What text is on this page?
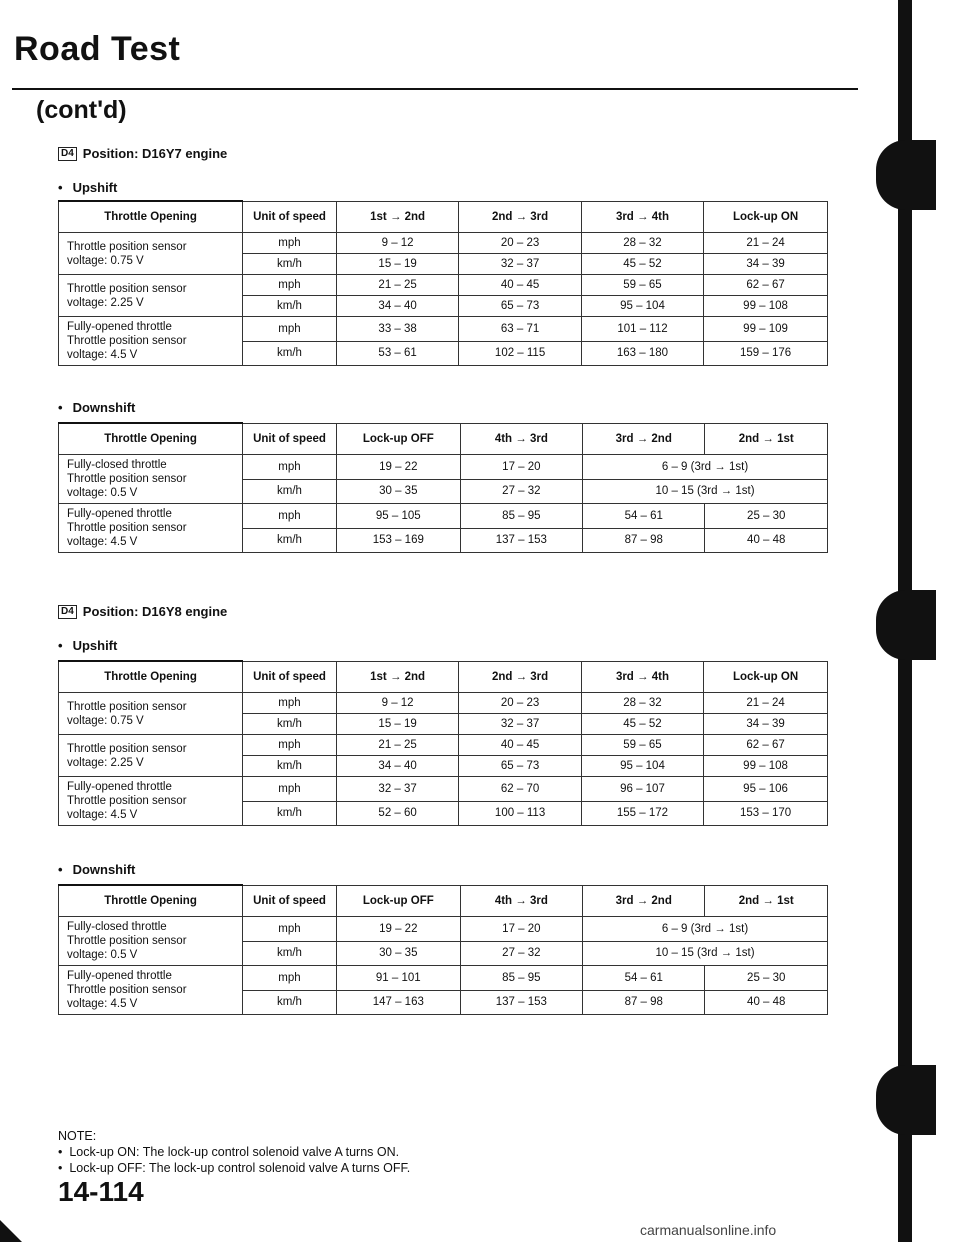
Road Test
(cont'd)
D4 Position: D16Y7 engine
• Upshift
Throttle Opening	Unit of speed	1st → 2nd	2nd → 3rd	3rd → 4th	Lock-up ON

Throttle position sensor
voltage: 0.75 V	mph	9 – 12	20 – 23	28 – 32	21 – 24
	km/h	15 – 19	32 – 37	45 – 52	34 – 39

Throttle position sensor
voltage: 2.25 V	mph	21 – 25	40 – 45	59 – 65	62 – 67
	km/h	34 – 40	65 – 73	95 – 104	99 – 108

Fully-opened throttle
Throttle position sensor
voltage: 4.5 V	mph	33 – 38	63 – 71	101 – 112	99 – 109
	km/h	53 – 61	102 – 115	163 – 180	159 – 176
• Downshift
Throttle Opening	Unit of speed	Lock-up OFF	4th → 3rd	3rd → 2nd	2nd → 1st

Fully-closed throttle
Throttle position sensor
voltage: 0.5 V	mph	19 – 22	17 – 20	6 – 9 (3rd → 1st)	
	km/h	30 – 35	27 – 32	10 – 15 (3rd → 1st)	

Fully-opened throttle
Throttle position sensor
voltage: 4.5 V	mph	95 – 105	85 – 95	54 – 61	25 – 30
	km/h	153 – 169	137 – 153	87 – 98	40 – 48
D4 Position: D16Y8 engine
• Upshift
Throttle Opening	Unit of speed	1st → 2nd	2nd → 3rd	3rd → 4th	Lock-up ON

Throttle position sensor
voltage: 0.75 V	mph	9 – 12	20 – 23	28 – 32	21 – 24
	km/h	15 – 19	32 – 37	45 – 52	34 – 39

Throttle position sensor
voltage: 2.25 V	mph	21 – 25	40 – 45	59 – 65	62 – 67
	km/h	34 – 40	65 – 73	95 – 104	99 – 108

Fully-opened throttle
Throttle position sensor
voltage: 4.5 V	mph	32 – 37	62 – 70	96 – 107	95 – 106
	km/h	52 – 60	100 – 113	155 – 172	153 – 170
• Downshift
Throttle Opening	Unit of speed	Lock-up OFF	4th → 3rd	3rd → 2nd	2nd → 1st

Fully-closed throttle
Throttle position sensor
voltage: 0.5 V	mph	19 – 22	17 – 20	6 – 9 (3rd → 1st)	
	km/h	30 – 35	27 – 32	10 – 15 (3rd → 1st)	

Fully-opened throttle
Throttle position sensor
voltage: 4.5 V	mph	91 – 101	85 – 95	54 – 61	25 – 30
	km/h	147 – 163	137 – 153	87 – 98	40 – 48
NOTE:
•  Lock-up ON: The lock-up control solenoid valve A turns ON.
•  Lock-up OFF: The lock-up control solenoid valve A turns OFF.
14-114
carmanualsonline.info
